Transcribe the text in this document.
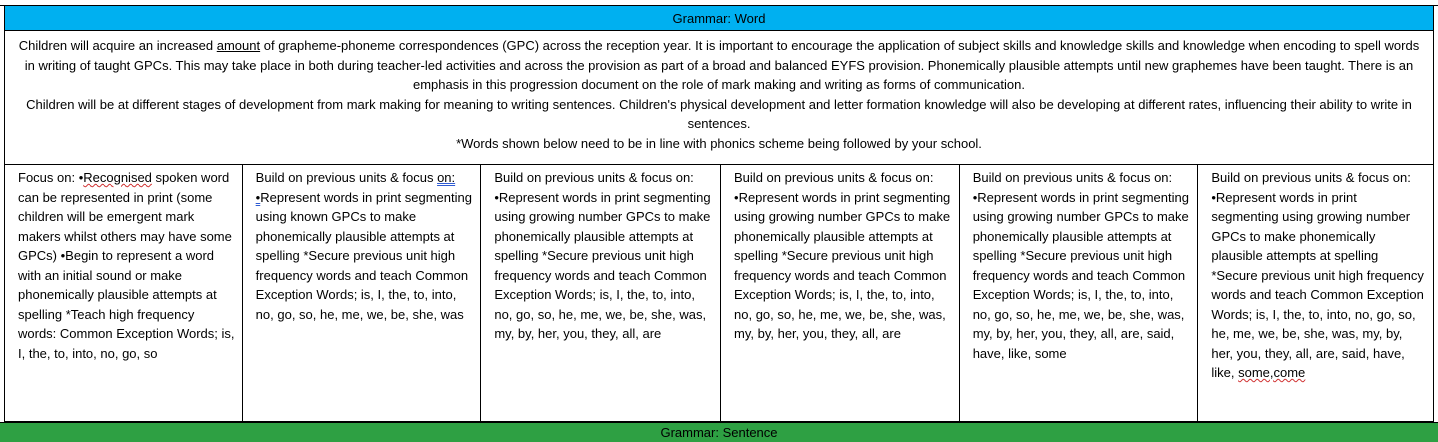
Grammar: Word

Children will acquire an increased amount of grapheme-phoneme correspondences (GPC) across the reception year. It is important to encourage the application of subject skills and knowledge skills and knowledge when encoding to spell words in writing of taught GPCs. This may take place in both during teacher-led activities and across the provision as part of a broad and balanced EYFS provision. Phonemically plausible attempts until new graphemes have been taught. There is an emphasis in this progression document on the role of mark making and writing as forms of communication.

Children will be at different stages of development from mark making for meaning to writing sentences. Children's physical development and letter formation knowledge will also be developing at different rates, influencing their ability to write in sentences.

*Words shown below need to be in line with phonics scheme being followed by your school.

Focus on: •Recognised spoken word can be represented in print (some children will be emergent mark makers whilst others may have some GPCs) •Begin to represent a word with an initial sound or make phonemically plausible attempts at spelling *Teach high frequency words: Common Exception Words; is, I, the, to, into, no, go, so

Build on previous units & focus on: •Represent words in print segmenting using known GPCs to make phonemically plausible attempts at spelling *Secure previous unit high frequency words and teach Common Exception Words; is, I, the, to, into, no, go, so, he, me, we, be, she, was

Build on previous units & focus on: •Represent words in print segmenting using growing number GPCs to make phonemically plausible attempts at spelling *Secure previous unit high frequency words and teach Common Exception Words; is, I, the, to, into, no, go, so, he, me, we, be, she, was, my, by, her, you, they, all, are

Build on previous units & focus on: •Represent words in print segmenting using growing number GPCs to make phonemically plausible attempts at spelling *Secure previous unit high frequency words and teach Common Exception Words; is, I, the, to, into, no, go, so, he, me, we, be, she, was, my, by, her, you, they, all, are

Build on previous units & focus on: •Represent words in print segmenting using growing number GPCs to make phonemically plausible attempts at spelling *Secure previous unit high frequency words and teach Common Exception Words; is, I, the, to, into, no, go, so, he, me, we, be, she, was, my, by, her, you, they, all, are, said, have, like, some

Build on previous units & focus on: •Represent words in print segmenting using growing number GPCs to make phonemically plausible attempts at spelling *Secure previous unit high frequency words and teach Common Exception Words; is, I, the, to, into, no, go, so, he, me, we, be, she, was, my, by, her, you, they, all, are, said, have, like, some,come

Grammar: Sentence
